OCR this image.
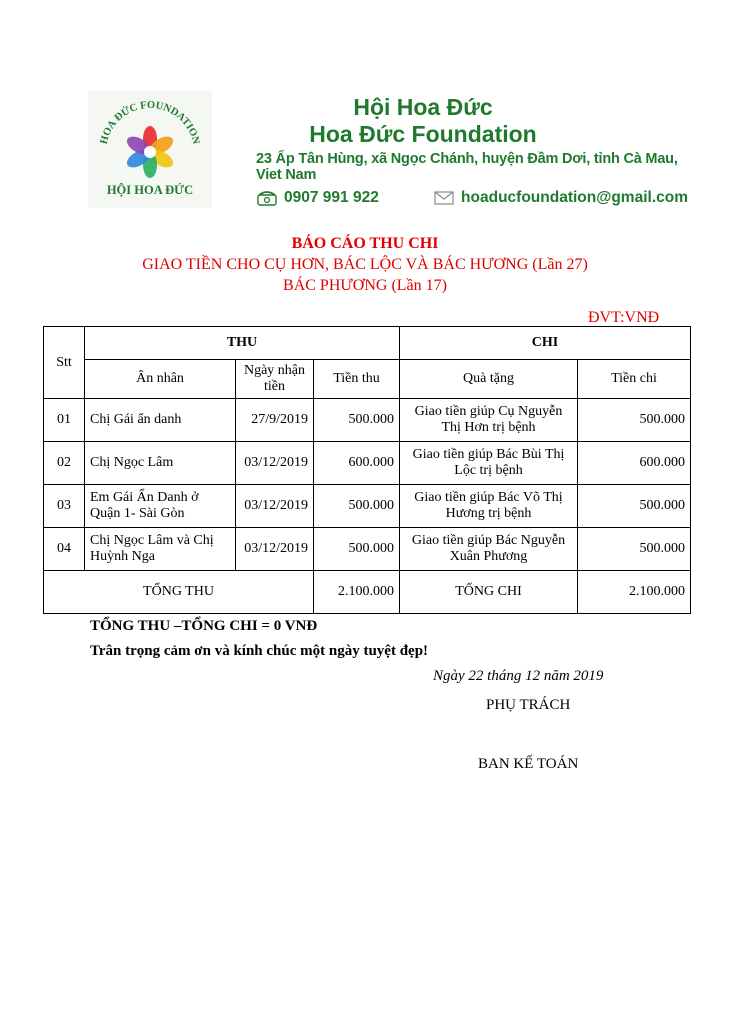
HOA ĐỨC FOUNDATION
HỘI HOA ĐỨC
Hội Hoa Đức
Hoa Đức Foundation
23 Ấp Tân Hùng, xã Ngọc Chánh, huyện Đầm Dơi, tỉnh Cà Mau, Viet Nam
0907 991 922	hoaducfoundation@gmail.com
BÁO CÁO THU CHI
GIAO TIỀN CHO CỤ HƠN, BÁC LỘC VÀ BÁC HƯƠNG (Lần 27)
BÁC PHƯƠNG (Lần 17)
ĐVT:VNĐ
Stt	THU			CHI	
	Ân nhân	Ngày nhận tiền	Tiền thu	Quà tặng	Tiền chi
01	Chị Gái ẩn danh	27/9/2019	500.000	Giao tiền giúp Cụ Nguyễn Thị Hơn trị bệnh	500.000
02	Chị Ngọc Lâm	03/12/2019	600.000	Giao tiền giúp Bác Bùi Thị Lộc trị bệnh	600.000
03	Em Gái Ẩn Danh ở Quận 1- Sài Gòn	03/12/2019	500.000	Giao tiền giúp Bác Võ Thị Hương trị bệnh	500.000
04	Chị Ngọc Lâm và Chị Huỳnh Nga	03/12/2019	500.000	Giao tiền giúp Bác Nguyễn Xuân Phương	500.000
TỔNG THU			2.100.000	TỔNG CHI	2.100.000
TỔNG THU –TỔNG CHI = 0 VNĐ
Trân trọng cảm ơn và kính chúc một ngày tuyệt đẹp!
Ngày 22 tháng 12 năm 2019
PHỤ TRÁCH
BAN KẾ TOÁN
